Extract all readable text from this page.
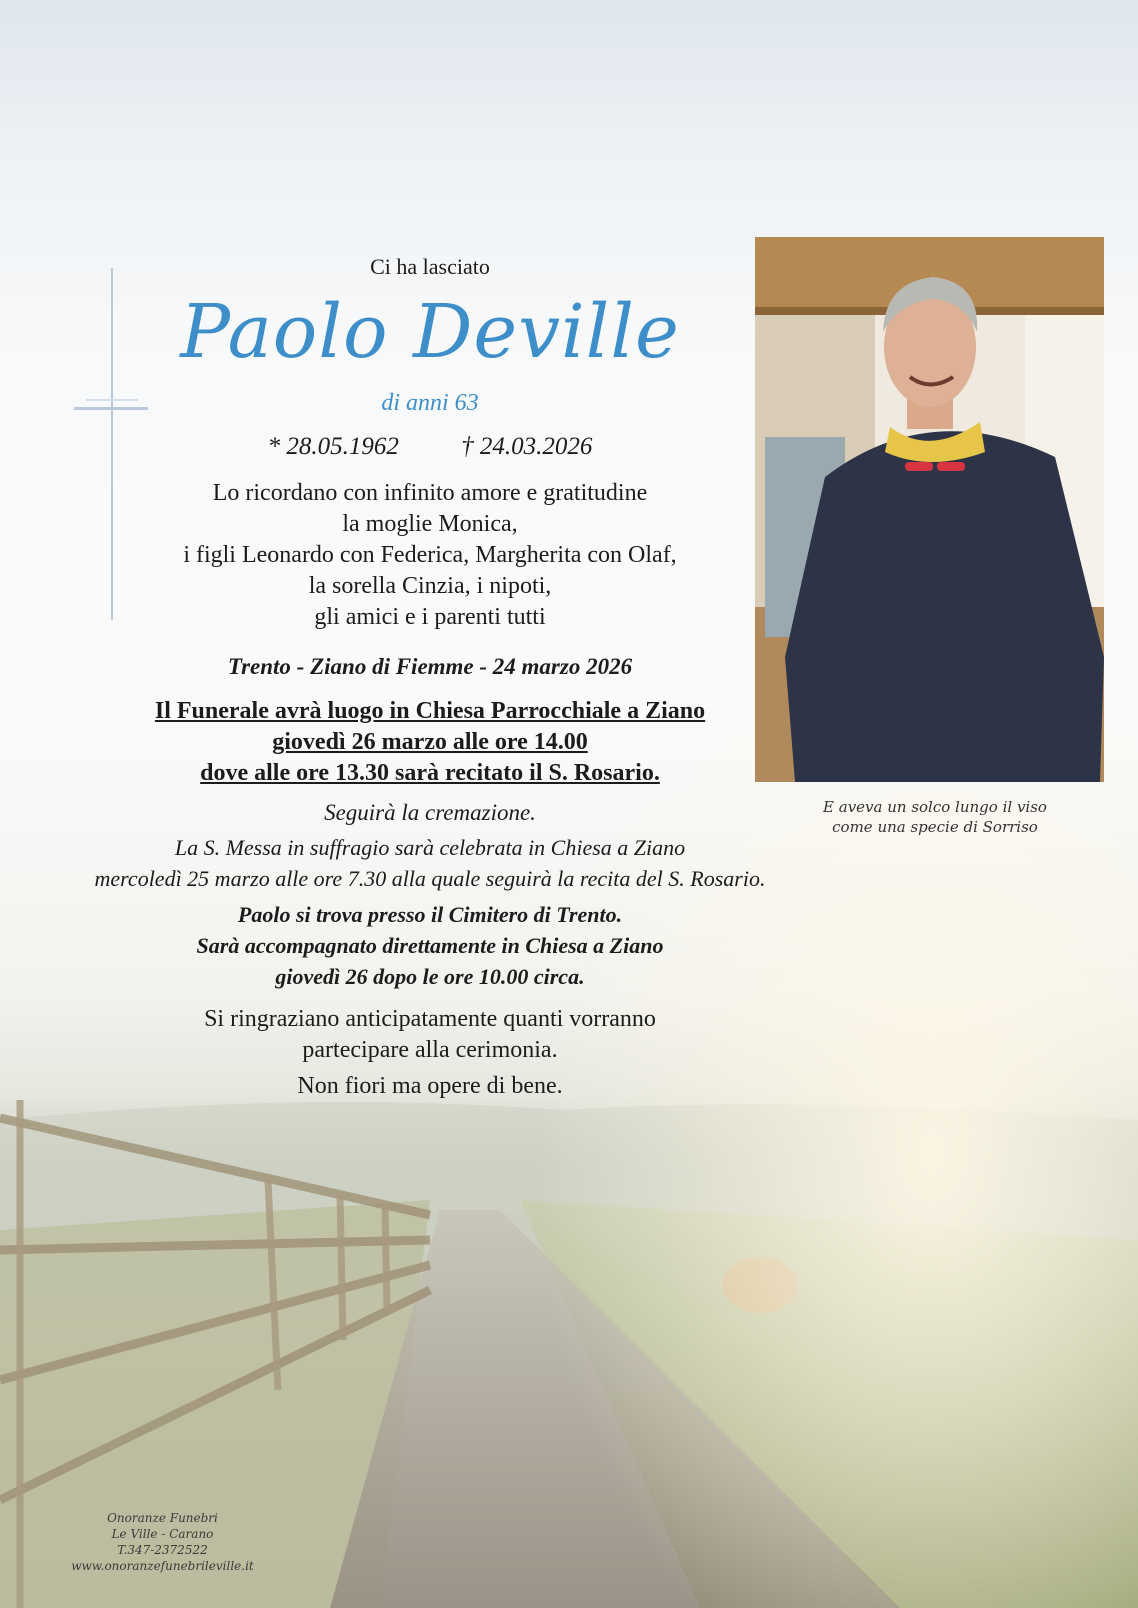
Ci ha lasciato
Paolo Deville
di anni 63
* 28.05.1962 † 24.03.2026
Lo ricordano con infinito amore e gratitudine
la moglie Monica,
i figli Leonardo con Federica, Margherita con Olaf,
la sorella Cinzia, i nipoti,
gli amici e i parenti tutti
Trento - Ziano di Fiemme - 24 marzo 2026
Il Funerale avrà luogo in Chiesa Parrocchiale a Ziano
giovedì 26 marzo alle ore 14.00
dove alle ore 13.30 sarà recitato il S. Rosario.
Seguirà la cremazione.
La S. Messa in suffragio sarà celebrata in Chiesa a Ziano
mercoledì 25 marzo alle ore 7.30 alla quale seguirà la recita del S. Rosario.
Paolo si trova presso il Cimitero di Trento.
Sarà accompagnato direttamente in Chiesa a Ziano
giovedì 26 dopo le ore 10.00 circa.
Si ringraziano anticipatamente quanti vorranno
partecipare alla cerimonia.
Non fiori ma opere di bene.
E aveva un solco lungo il viso
come una specie di Sorriso
Onoranze Funebri
Le Ville - Carano
T.347-2372522
www.onoranzefunebrileville.it
